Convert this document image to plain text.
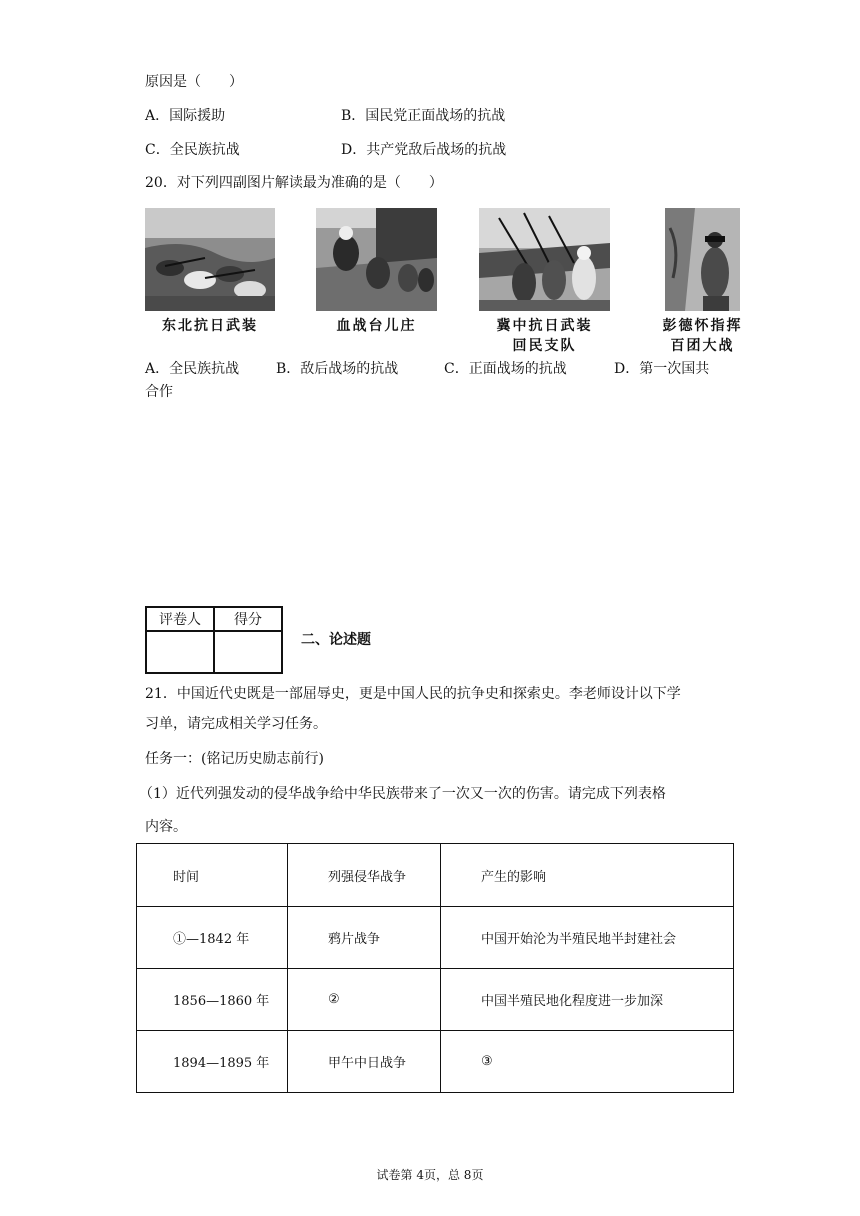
原因是（　　）
A．国际援助	B．国民党正面战场的抗战
C．全民族抗战	D．共产党敌后战场的抗战
20．对下列四副图片解读最为准确的是（　　）
东北抗日武装	血战台儿庄	冀中抗日武装
回民支队
彭德怀指挥
百团大战
A．全民族抗战	B．敌后战场的抗战	C．正面战场的抗战	D．第一次国共
合作
评卷人	得分

二、论述题
21．中国近代史既是一部屈辱史，更是中国人民的抗争史和探索史。李老师设计以下学
习单，请完成相关学习任务。
任务一：(铭记历史励志前行)
（1）近代列强发动的侵华战争给中华民族带来了一次又一次的伤害。请完成下列表格
内容。
时间	列强侵华战争	产生的影响
①—1842 年	鸦片战争	中国开始沦为半殖民地半封建社会
1856—1860 年	②	中国半殖民地化程度进一步加深
1894—1895 年	甲午中日战争	③
试卷第 4页，总 8页
